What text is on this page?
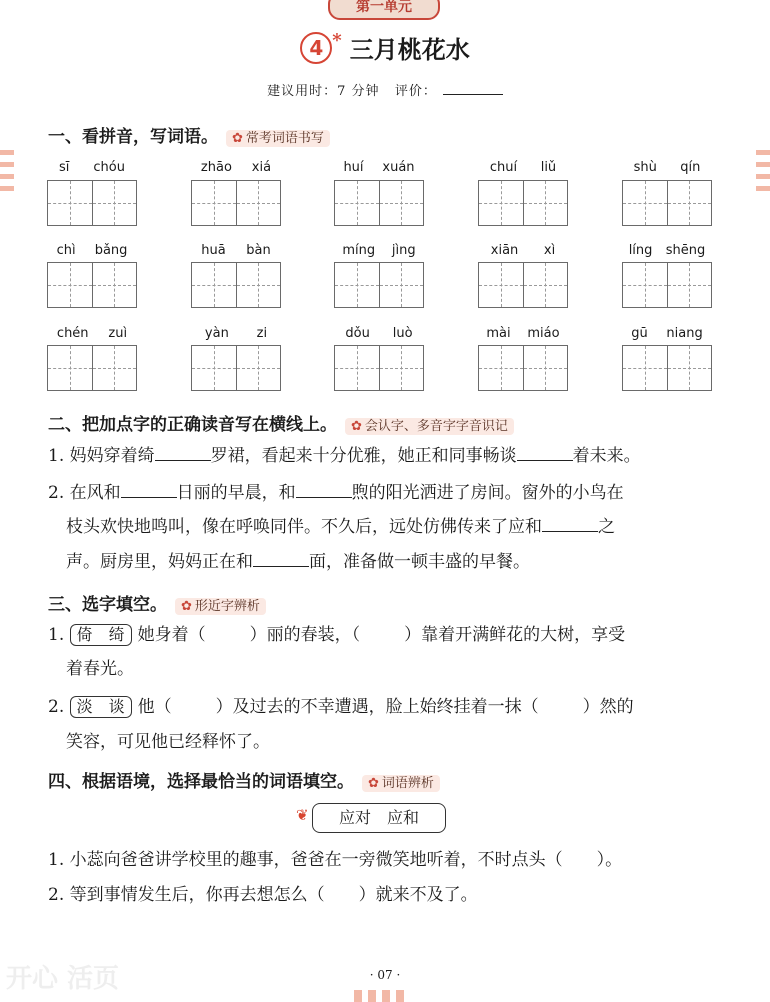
第一单元
4 * 三月桃花水
建议用时：7 分钟 评价：
一、看拼音，写词语。 ✿ 常考词语书写
sī chóu	zhāo xiá	huí xuán	chuí liǔ	shù qín
chì bǎng	huā bàn	míng jìng	xiān xì	líng shēng
chén zuì	yàn zi	dǒu luò	mài miáo	gū niang
二、把加点字的正确读音写在横线上。 ✿ 会认字、多音字字音识记
1. 妈妈穿着绮	罗裙，看起来十分优雅，她正和同事畅谈	着未来。
2. 在风和	日丽的早晨，和	煦的阳光洒进了房间。窗外的小鸟在
枝头欢快地鸣叫，像在呼唤同伴。不久后，远处仿佛传来了应和	之
声。厨房里，妈妈正在和	面，准备做一顿丰盛的早餐。
三、选字填空。 ✿ 形近字辨析
1. 倚　绮 她身着（	）丽的春装，（	）靠着开满鲜花的大树，享受
着春光。
2. 淡　谈 他（	）及过去的不幸遭遇，脸上始终挂着一抹（	）然的
笑容，可见他已经释怀了。
四、根据语境，选择最恰当的词语填空。 ✿ 词语辨析
❦	应对　应和
1. 小蕊向爸爸讲学校里的趣事，爸爸在一旁微笑地听着，不时点头（　　）。
2. 等到事情发生后，你再去想怎么（　　）就来不及了。
开心 活页	· 07 ·
